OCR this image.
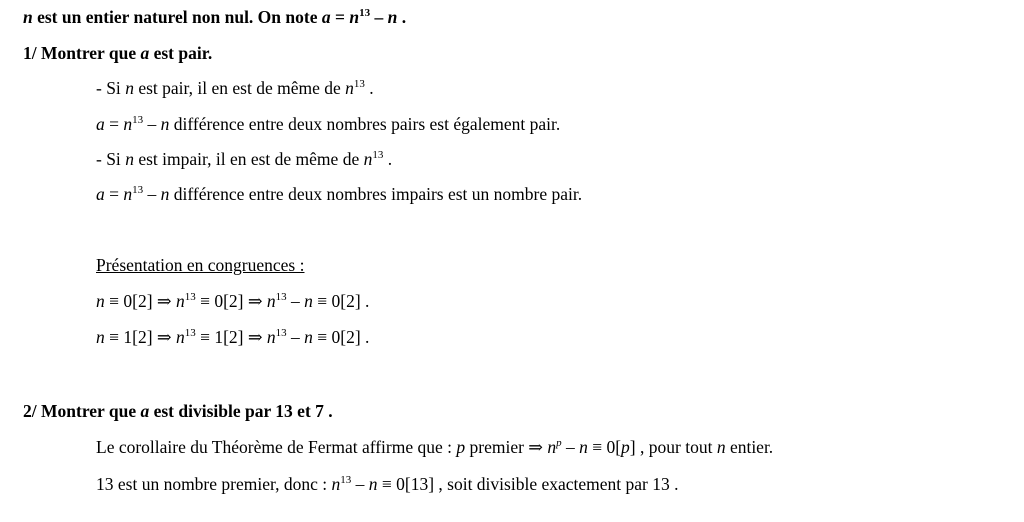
n est un entier naturel non nul. On note $a = n^{13} - n$ .
1/ Montrer que a est pair.
- Si n est pair, il en est de même de $n^{13}$ .
$a = n^{13} - n$ différence entre deux nombres pairs est également pair.
- Si n est impair, il en est de même de $n^{13}$ .
$a = n^{13} - n$ différence entre deux nombres impairs est un nombre pair.
Présentation en congruences :
n ≡ 0[2] ⇒ $n^{13} \equiv 0[2]$ ⇒ $n^{13} - n \equiv 0[2]$ .
n ≡ 1[2] ⇒ $n^{13} \equiv 1[2]$ ⇒ $n^{13} - n \equiv 0[2]$ .
2/ Montrer que a est divisible par 13 et 7 .
Le corollaire du Théorème de Fermat affirme que : p premier ⇒ $n^p - n \equiv 0[p]$ , pour tout n entier.
13 est un nombre premier, donc : $n^{13} - n \equiv 0[13]$ , soit divisible exactement par 13 .
